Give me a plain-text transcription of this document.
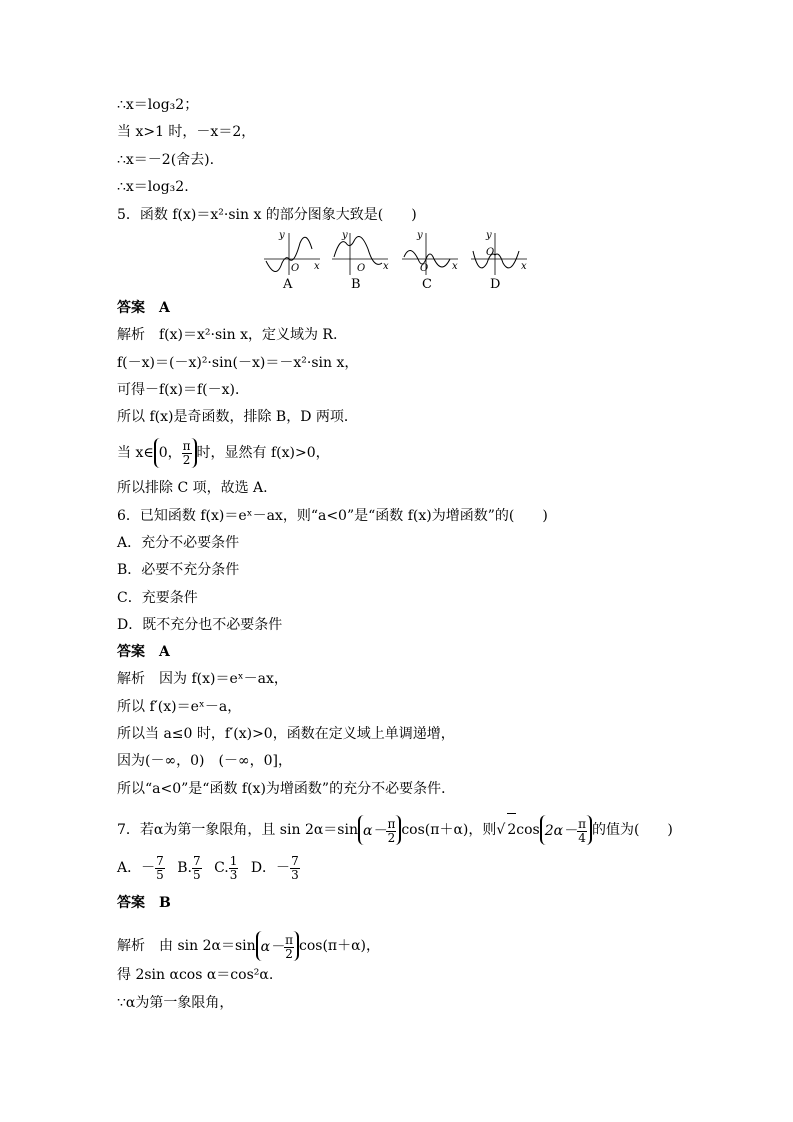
∴x＝log₃2；
当 x>1 时，－x＝2，
∴x＝－2(舍去).
∴x＝log₃2.
5．函数 f(x)＝x²·sin x 的部分图象大致是(　　)
y
O x
y
O x
y
O x
y
O
x
A	B	C	D
答案　A
解析　f(x)＝x²·sin x，定义域为 R.
f(－x)＝(－x)²·sin(－x)＝－x²·sin x，
可得－f(x)＝f(－x)．
所以 f(x)是奇函数，排除 B，D 两项．
当 x∈ 0， $\frac{\pi}{2}$ 时，显然有 f(x)>0，
所以排除 C 项，故选 A.
6．已知函数 f(x)＝eˣ－ax，则“a<0”是“函数 f(x)为增函数”的(　　)
A．充分不必要条件
B．必要不充分条件
C．充要条件
D．既不充分也不必要条件
答案　A
解析　因为 f(x)＝eˣ－ax，
所以 f′(x)＝eˣ－a，
所以当 a≤0 时，f′(x)>0，函数在定义域上单调递增，
因为(－∞，0)　(－∞，0]，
所以“a<0”是“函数 f(x)为增函数”的充分不必要条件．
7．若α为第一象限角，且 sin 2α＝sin $\alpha- \frac{\pi}{2} \cos(\pi+\alpha)$，则√ 2cos $2\alpha- \frac{\pi}{4}$ 的值为(　　)
A．－ $\frac{7}{5} B$. $\frac{7}{5} C$. $\frac{1}{3}$ D．－ $\frac{7}{3}$
答案　B
解析　由 sin 2α＝sin $\alpha- \frac{\pi}{2} \cos(\pi+\alpha)$，
得 2sin αcos α＝cos²α.
∵α为第一象限角，
